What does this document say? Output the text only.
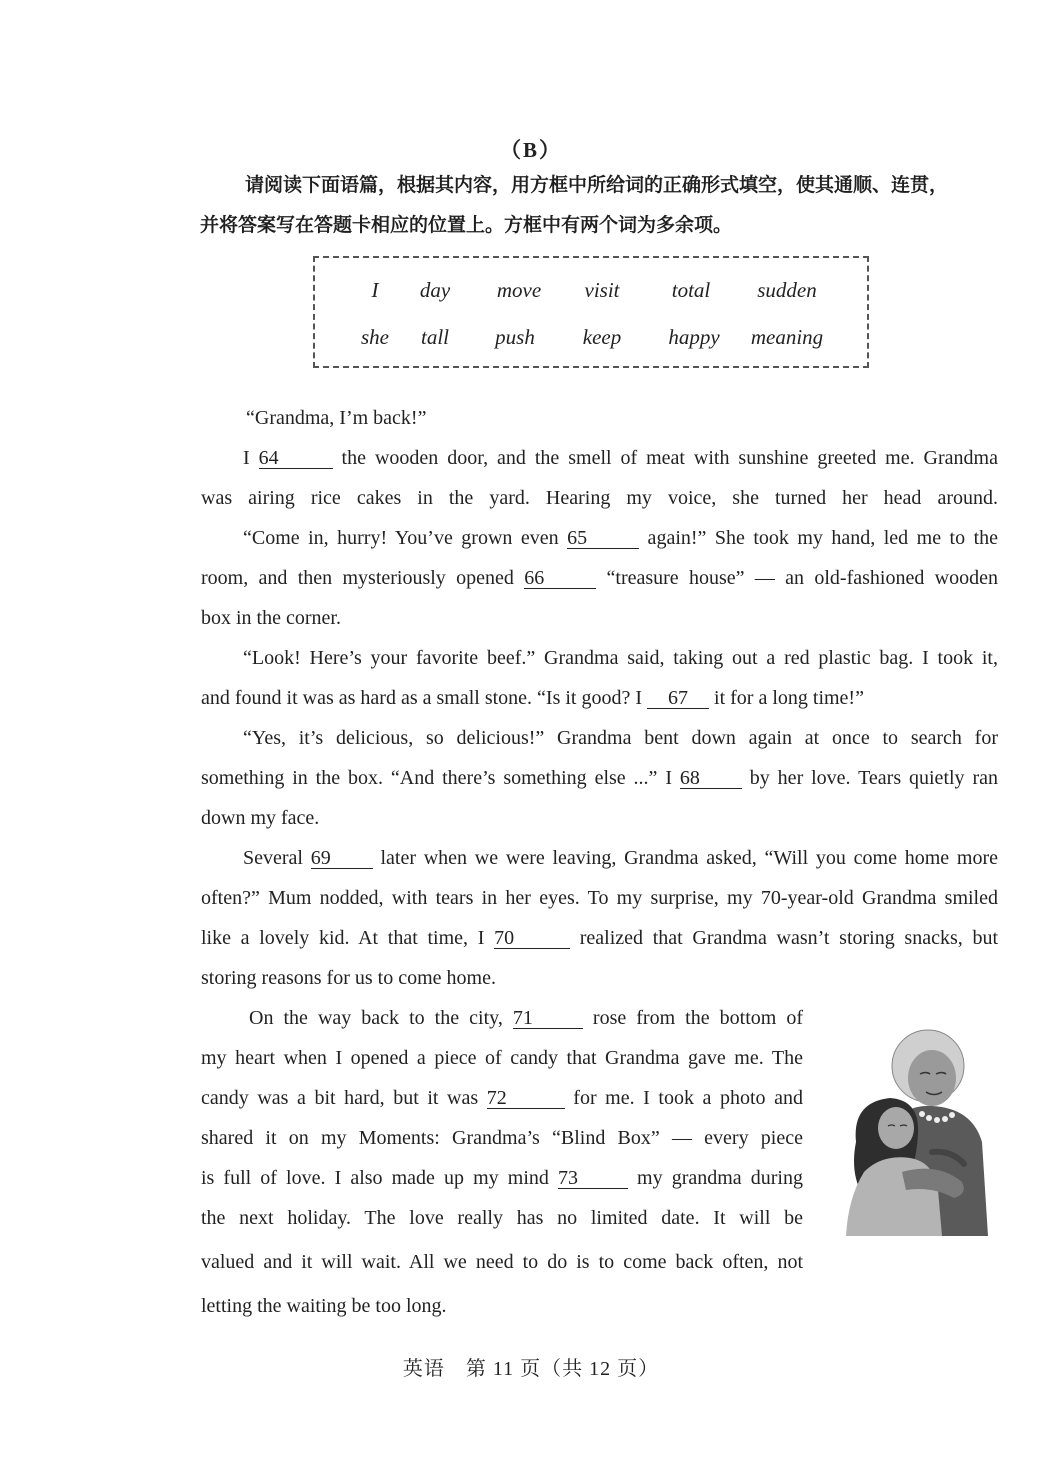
（B）
请阅读下面语篇，根据其内容，用方框中所给词的正确形式填空，使其通顺、连贯，
并将答案写在答题卡相应的位置上。方框中有两个词为多余项。
I	day	move	visit	total	sudden
she	tall	push	keep	happy	meaning
“Grandma, I’m back!”
I 64	the wooden door, and the smell of meat with sunshine greeted me. Grandma
was airing rice cakes in the yard. Hearing my voice, she turned her head around.
“Come in, hurry! You’ve grown even 65	again!” She took my hand, led me to the
room, and then mysteriously opened 66	“treasure house” — an old-fashioned wooden
box in the corner.
“Look! Here’s your favorite beef.” Grandma said, taking out a red plastic bag. I took it,
and found it was as hard as a small stone. “Is it good? I 67 it for a long time!”
“Yes, it’s delicious, so delicious!” Grandma bent down again at once to search for
something in the box. “And there’s something else ...” I 68 by her love. Tears quietly ran
down my face.
Several 69 later when we were leaving, Grandma asked, “Will you come home more
often?” Mum nodded, with tears in her eyes. To my surprise, my 70-year-old Grandma smiled
like a lovely kid. At that time, I 70	realized that Grandma wasn’t storing snacks, but
storing reasons for us to come home.
On the way back to the city, 71	rose from the bottom of
my heart when I opened a piece of candy that Grandma gave me. The
candy was a bit hard, but it was 72	for me. I took a photo and
shared it on my Moments: Grandma’s “Blind Box” — every piece
is full of love. I also made up my mind 73	my grandma during
the next holiday. The love really has no limited date. It will be
valued and it will wait. All we need to do is to come back often, not
letting the waiting be too long.
英语　第 11 页（共 12 页）
